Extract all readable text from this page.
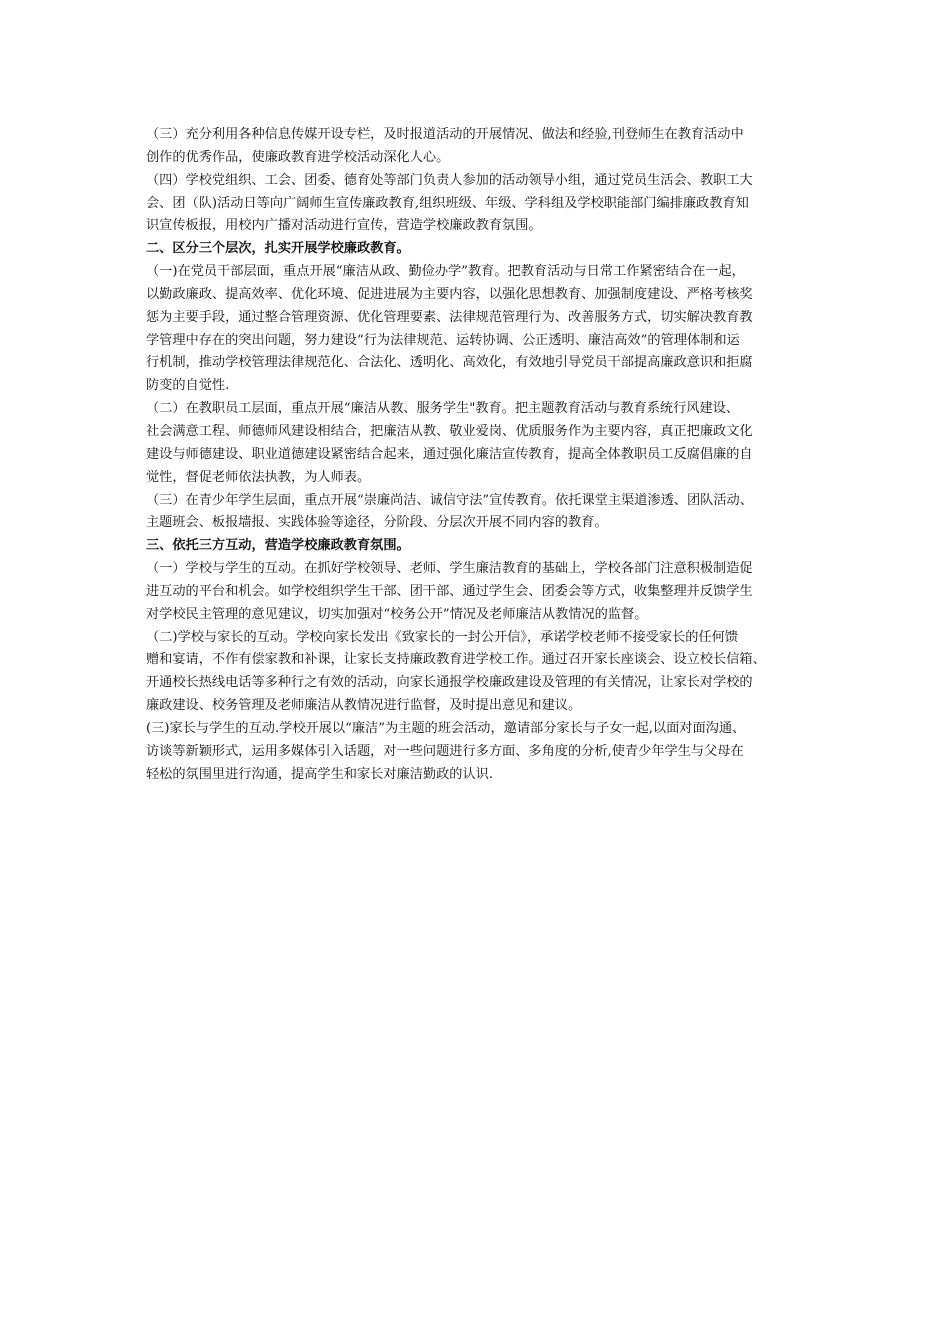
（三）充分利用各种信息传媒开设专栏，及时报道活动的开展情况、做法和经验,刊登师生在教育活动中
创作的优秀作品，使廉政教育进学校活动深化人心。
（四）学校党组织、工会、团委、德育处等部门负责人参加的活动领导小组，通过党员生活会、教职工大
会、团（队)活动日等向广阔师生宣传廉政教育,组织班级、年级、学科组及学校职能部门编排廉政教育知
识宣传板报，用校内广播对活动进行宣传，营造学校廉政教育氛围。
二、区分三个层次，扎实开展学校廉政教育。
（一)在党员干部层面，重点开展“廉洁从政、勤俭办学”教育。把教育活动与日常工作紧密结合在一起，
以勤政廉政、提高效率、优化环境、促进进展为主要内容，以强化思想教育、加强制度建设、严格考核奖
惩为主要手段，通过整合管理资源、优化管理要素、法律规范管理行为、改善服务方式，切实解决教育教
学管理中存在的突出问题，努力建设“行为法律规范、运转协调、公正透明、廉洁高效”的管理体制和运
行机制，推动学校管理法律规范化、合法化、透明化、高效化，有效地引导党员干部提高廉政意识和拒腐
防变的自觉性.
（二）在教职员工层面，重点开展“廉洁从教、服务学生"教育。把主题教育活动与教育系统行风建设、
社会满意工程、师德师风建设相结合，把廉洁从教、敬业爱岗、优质服务作为主要内容，真正把廉政文化
建设与师德建设、职业道德建设紧密结合起来，通过强化廉洁宣传教育，提高全体教职员工反腐倡廉的自
觉性，督促老师依法执教，为人师表。
（三）在青少年学生层面，重点开展“崇廉尚洁、诚信守法”宣传教育。依托课堂主渠道渗透、团队活动、
主题班会、板报墙报、实践体验等途径，分阶段、分层次开展不同内容的教育。
三、依托三方互动，营造学校廉政教育氛围。
（一）学校与学生的互动。在抓好学校领导、老师、学生廉洁教育的基础上，学校各部门注意积极制造促
进互动的平台和机会。如学校组织学生干部、团干部、通过学生会、团委会等方式，收集整理并反馈学生
对学校民主管理的意见建议，切实加强对“校务公开”情况及老师廉洁从教情况的监督。
（二)学校与家长的互动。学校向家长发出《致家长的一封公开信》，承诺学校老师不接受家长的任何馈
赠和宴请，不作有偿家教和补课，让家长支持廉政教育进学校工作。通过召开家长座谈会、设立校长信箱、
开通校长热线电话等多种行之有效的活动，向家长通报学校廉政建设及管理的有关情况，让家长对学校的
廉政建设、校务管理及老师廉洁从教情况进行监督，及时提出意见和建议。
(三)家长与学生的互动.学校开展以“廉洁”为主题的班会活动，邀请部分家长与子女一起,以面对面沟通、
访谈等新颖形式，运用多媒体引入话题，对一些问题进行多方面、多角度的分析,使青少年学生与父母在
轻松的氛围里进行沟通，提高学生和家长对廉洁勤政的认识.
